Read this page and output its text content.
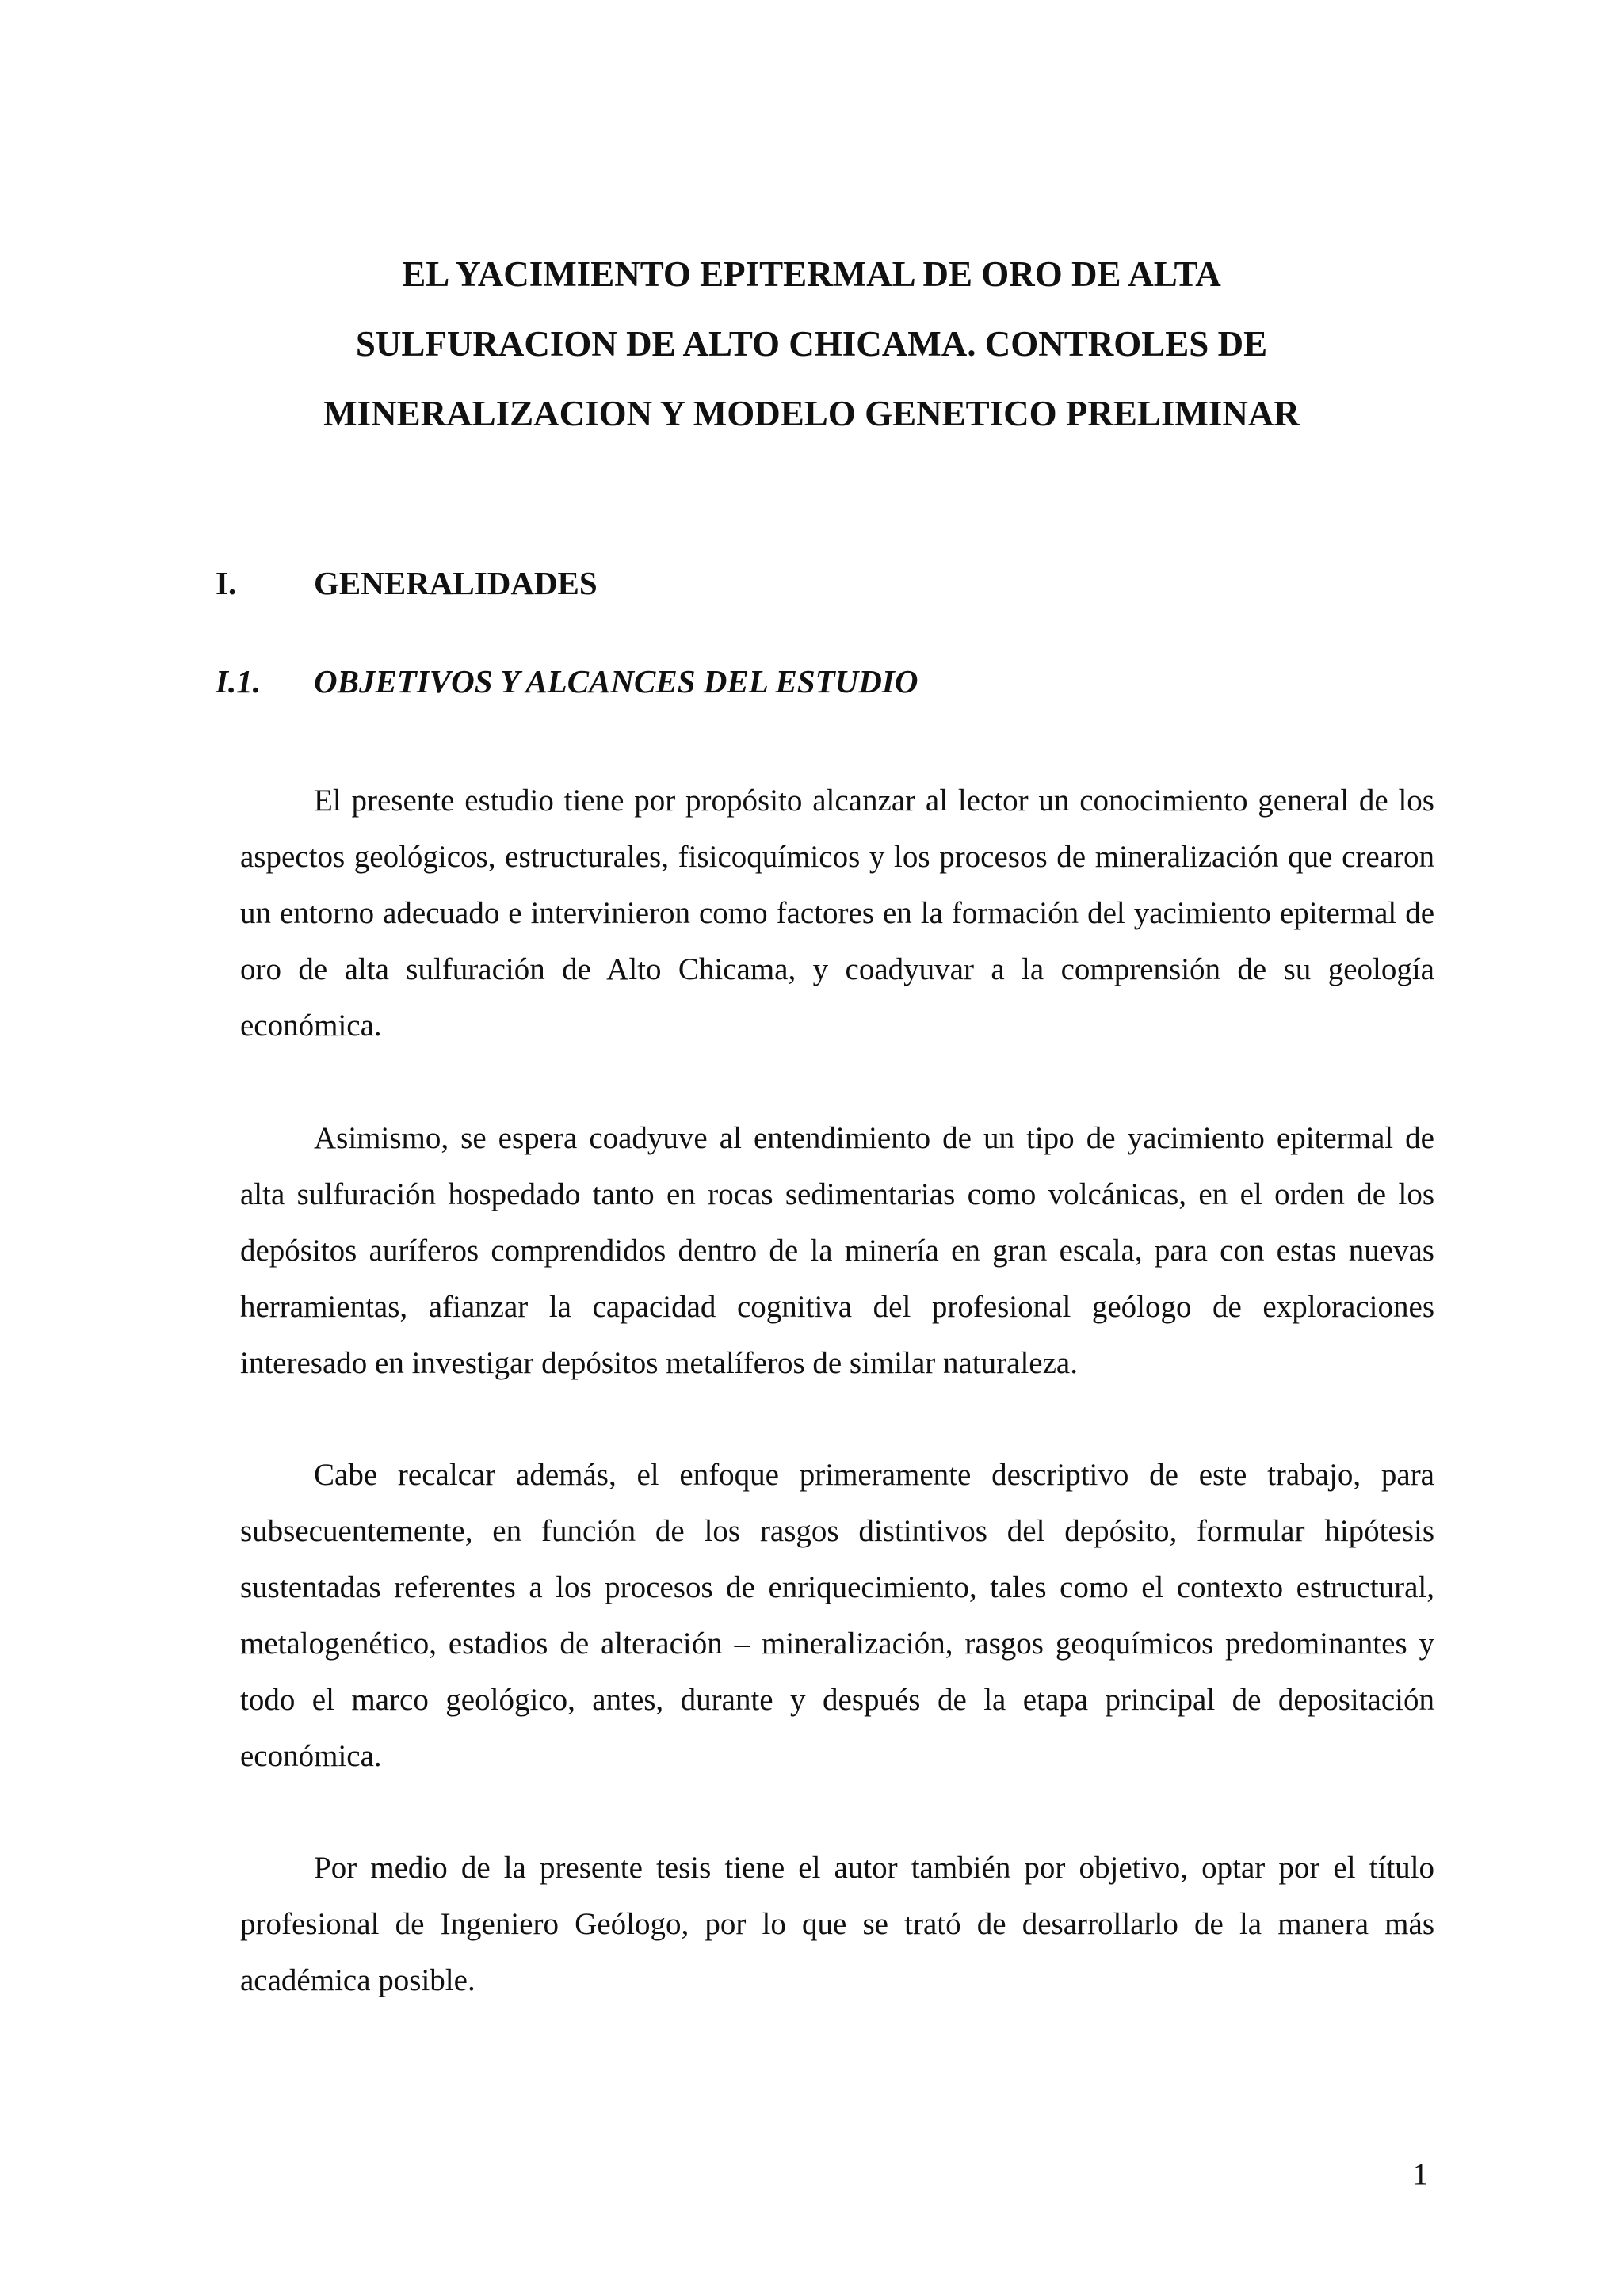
EL YACIMIENTO EPITERMAL DE ORO DE ALTA
SULFURACION DE ALTO CHICAMA. CONTROLES DE
MINERALIZACION Y MODELO GENETICO PRELIMINAR
I. GENERALIDADES
I.1. OBJETIVOS Y ALCANCES DEL ESTUDIO

El presente estudio tiene por propósito alcanzar al lector un conocimiento general de los aspectos geológicos, estructurales, fisicoquímicos y los procesos de mineralización que crearon un entorno adecuado e intervinieron como factores en la formación del yacimiento epitermal de oro de alta sulfuración de Alto Chicama, y coadyuvar a la comprensión de su geología económica.

Asimismo, se espera coadyuve al entendimiento de un tipo de yacimiento epitermal de alta sulfuración hospedado tanto en rocas sedimentarias como volcánicas, en el orden de los depósitos auríferos comprendidos dentro de la minería en gran escala, para con estas nuevas herramientas, afianzar la capacidad cognitiva del profesional geólogo de exploraciones interesado en investigar depósitos metalíferos de similar naturaleza.

Cabe recalcar además, el enfoque primeramente descriptivo de este trabajo, para subsecuentemente, en función de los rasgos distintivos del depósito, formular hipótesis sustentadas referentes a los procesos de enriquecimiento, tales como el contexto estructural, metalogenético, estadios de alteración – mineralización, rasgos geoquímicos predominantes y todo el marco geológico, antes, durante y después de la etapa principal de depositación económica.

Por medio de la presente tesis tiene el autor también por objetivo, optar por el título profesional de Ingeniero Geólogo, por lo que se trató de desarrollarlo de la manera más académica posible.

1
